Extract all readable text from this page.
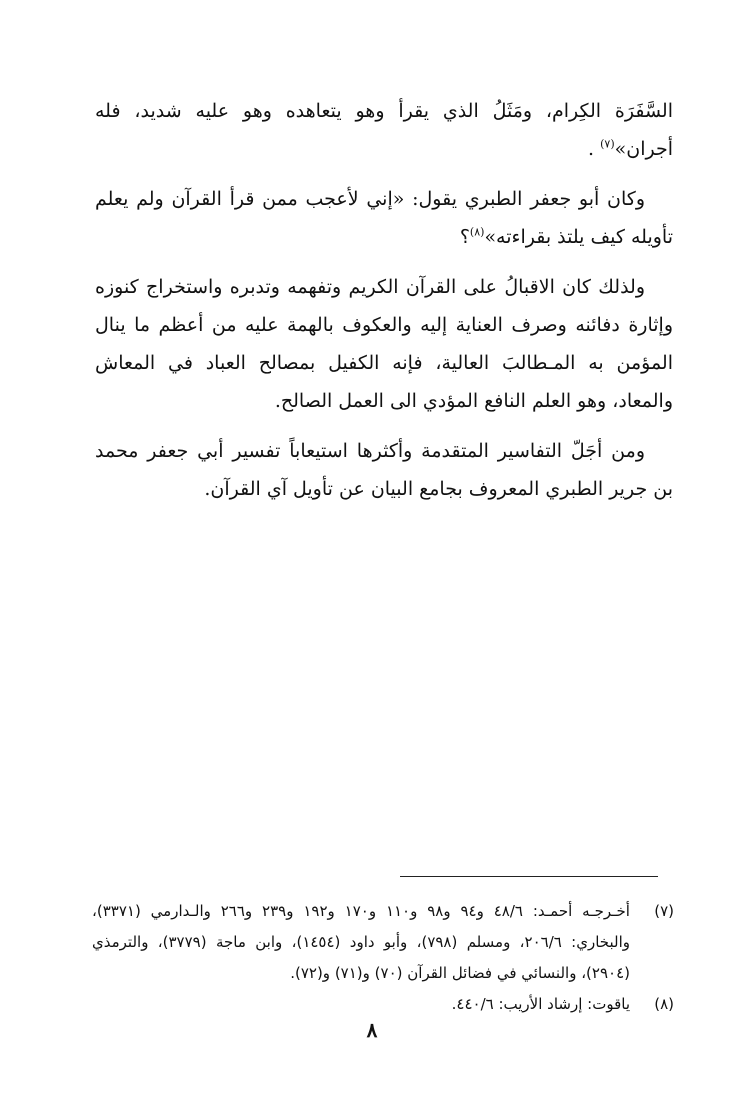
السَّفَرَة الكِرام، ومَثَلُ الذي يقرأ وهو يتعاهده وهو عليه شديد، فله أجران»$^{(٧)}$ .

وكان أبو جعفر الطبري يقول: «إني لأعجب ممن قرأ القرآن ولم يعلم تأويله كيف يلتذ بقراءته»$^{(٨)}$؟

ولذلك كان الاقبالُ على القرآن الكريم وتفهمه وتدبره واستخراج كنوزه وإثارة دفائنه وصرف العناية إليه والعكوف بالهمة عليه من أعظم ما ينال المؤمن به المـطالبَ العالية، فإنه الكفيل بمصالح العباد في المعاش والمعاد، وهو العلم النافع المؤدي الى العمل الصالح.

ومن أجَلّ التفاسير المتقدمة وأكثرها استيعاباً تفسير أبي جعفر محمد بن جرير الطبري المعروف بجامع البيان عن تأويل آي القرآن.

(٧)
أخـرجـه أحمـد: ٤٨/٦ و٩٤ و٩٨ و١١٠ و١٧٠ و١٩٢ و٢٣٩ و٢٦٦ والـدارمي (٣٣٧١)، والبخاري: ٢٠٦/٦، ومسلم (٧٩٨)، وأبو داود (١٤٥٤)، وابن ماجة (٣٧٧٩)، والترمذي (٢٩٠٤)، والنسائي في فضائل القرآن (٧٠) و(٧١) و(٧٢).
(٨)
ياقوت: إرشاد الأريب: ٤٤٠/٦.
٨
